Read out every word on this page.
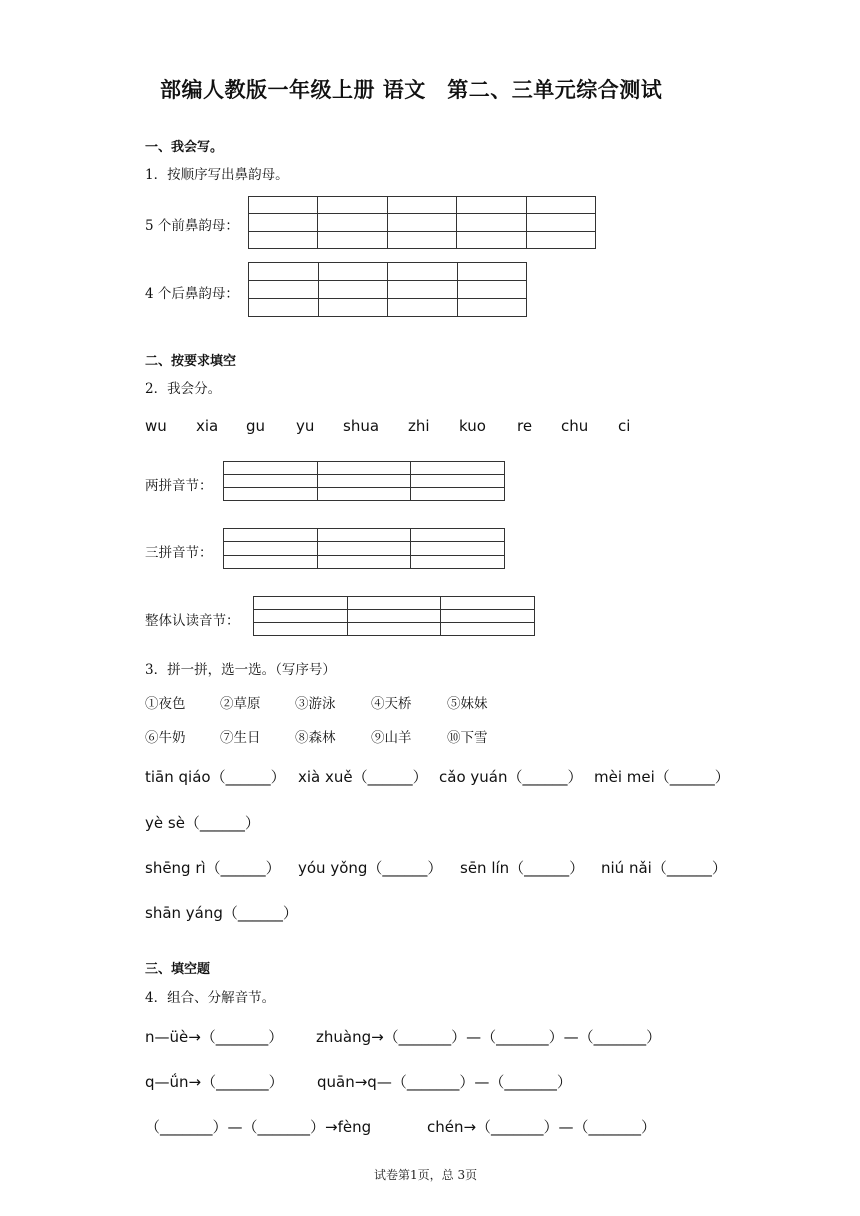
部编人教版一年级上册 语文　第二、三单元综合测试
一、我会写。
1．按顺序写出鼻韵母。
5 个前鼻韵母：

4 个后鼻韵母：

二、按要求填空
2．我会分。
wu xia gu yu shua zhi kuo re chu ci
两拼音节：

三拼音节：

整体认读音节：

3．拼一拼，选一选。（写序号）
①夜色	②草原	③游泳	④天桥	⑤妹妹
⑥牛奶	⑦生日	⑧森林	⑨山羊	⑩下雪
tiān qiáo（______） xià xuě（______） cǎo yuán（______） mèi mei（______）
yè sè（______）
shēng rì（______） yóu yǒng（______） sēn lín（______） niú nǎi（______）
shān yáng（______）
三、填空题
4．组合、分解音节。
n—üè→（_______） zhuàng→（_______）—（_______）—（_______）
q—ǘn→（_______） quān→q—（_______）—（_______）
（_______）—（_______）→fèng	chén→（_______）—（_______）
试卷第1页，总 3页
